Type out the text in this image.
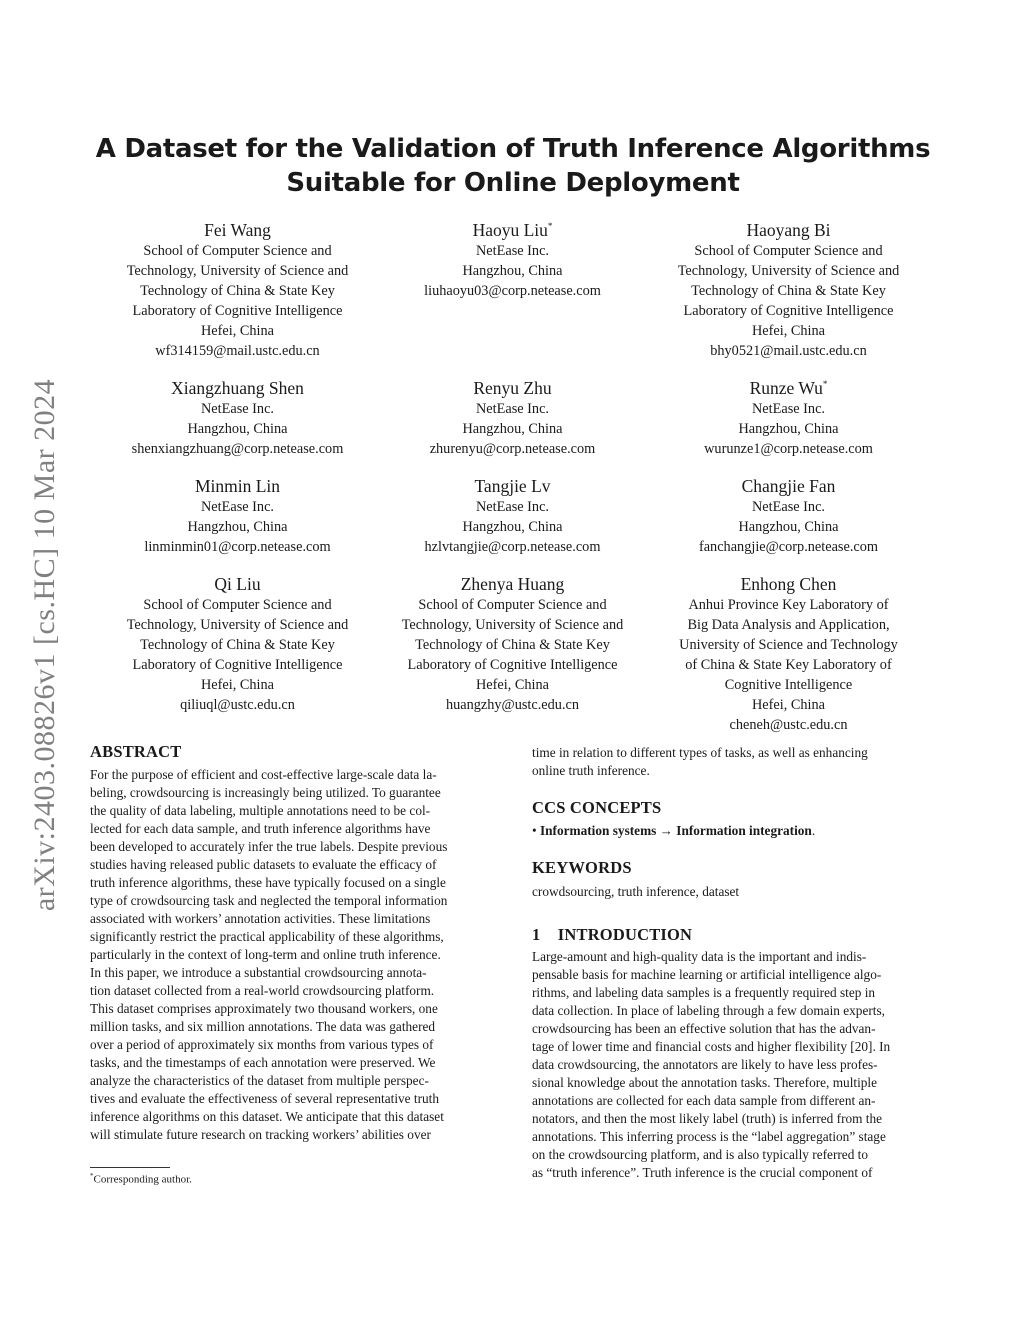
arXiv:2403.08826v1 [cs.HC] 10 Mar 2024
A Dataset for the Validation of Truth Inference Algorithms
Suitable for Online Deployment
Fei Wang
School of Computer Science and
Technology, University of Science and
Technology of China & State Key
Laboratory of Cognitive Intelligence
Hefei, China
wf314159@mail.ustc.edu.cn
Haoyu Liu*
NetEase Inc.
Hangzhou, China
liuhaoyu03@corp.netease.com
Haoyang Bi
School of Computer Science and
Technology, University of Science and
Technology of China & State Key
Laboratory of Cognitive Intelligence
Hefei, China
bhy0521@mail.ustc.edu.cn
Xiangzhuang Shen
NetEase Inc.
Hangzhou, China
shenxiangzhuang@corp.netease.com
Renyu Zhu
NetEase Inc.
Hangzhou, China
zhurenyu@corp.netease.com
Runze Wu*
NetEase Inc.
Hangzhou, China
wurunze1@corp.netease.com
Minmin Lin
NetEase Inc.
Hangzhou, China
linminmin01@corp.netease.com
Tangjie Lv
NetEase Inc.
Hangzhou, China
hzlvtangjie@corp.netease.com
Changjie Fan
NetEase Inc.
Hangzhou, China
fanchangjie@corp.netease.com
Qi Liu
School of Computer Science and
Technology, University of Science and
Technology of China & State Key
Laboratory of Cognitive Intelligence
Hefei, China
qiliuql@ustc.edu.cn
Zhenya Huang
School of Computer Science and
Technology, University of Science and
Technology of China & State Key
Laboratory of Cognitive Intelligence
Hefei, China
huangzhy@ustc.edu.cn
Enhong Chen
Anhui Province Key Laboratory of
Big Data Analysis and Application,
University of Science and Technology
of China & State Key Laboratory of
Cognitive Intelligence
Hefei, China
cheneh@ustc.edu.cn
ABSTRACT
For the purpose of efficient and cost-effective large-scale data la-
beling, crowdsourcing is increasingly being utilized. To guarantee
the quality of data labeling, multiple annotations need to be col-
lected for each data sample, and truth inference algorithms have
been developed to accurately infer the true labels. Despite previous
studies having released public datasets to evaluate the efficacy of
truth inference algorithms, these have typically focused on a single
type of crowdsourcing task and neglected the temporal information
associated with workers’ annotation activities. These limitations
significantly restrict the practical applicability of these algorithms,
particularly in the context of long-term and online truth inference.
In this paper, we introduce a substantial crowdsourcing annota-
tion dataset collected from a real-world crowdsourcing platform.
This dataset comprises approximately two thousand workers, one
million tasks, and six million annotations. The data was gathered
over a period of approximately six months from various types of
tasks, and the timestamps of each annotation were preserved. We
analyze the characteristics of the dataset from multiple perspec-
tives and evaluate the effectiveness of several representative truth
inference algorithms on this dataset. We anticipate that this dataset
will stimulate future research on tracking workers’ abilities over
*Corresponding author.
time in relation to different types of tasks, as well as enhancing
online truth inference.
CCS CONCEPTS
• Information systems → Information integration.
KEYWORDS
crowdsourcing, truth inference, dataset
1    INTRODUCTION
Large-amount and high-quality data is the important and indis-
pensable basis for machine learning or artificial intelligence algo-
rithms, and labeling data samples is a frequently required step in
data collection. In place of labeling through a few domain experts,
crowdsourcing has been an effective solution that has the advan-
tage of lower time and financial costs and higher flexibility [20]. In
data crowdsourcing, the annotators are likely to have less profes-
sional knowledge about the annotation tasks. Therefore, multiple
annotations are collected for each data sample from different an-
notators, and then the most likely label (truth) is inferred from the
annotations. This inferring process is the “label aggregation” stage
on the crowdsourcing platform, and is also typically referred to
as “truth inference”. Truth inference is the crucial component of
